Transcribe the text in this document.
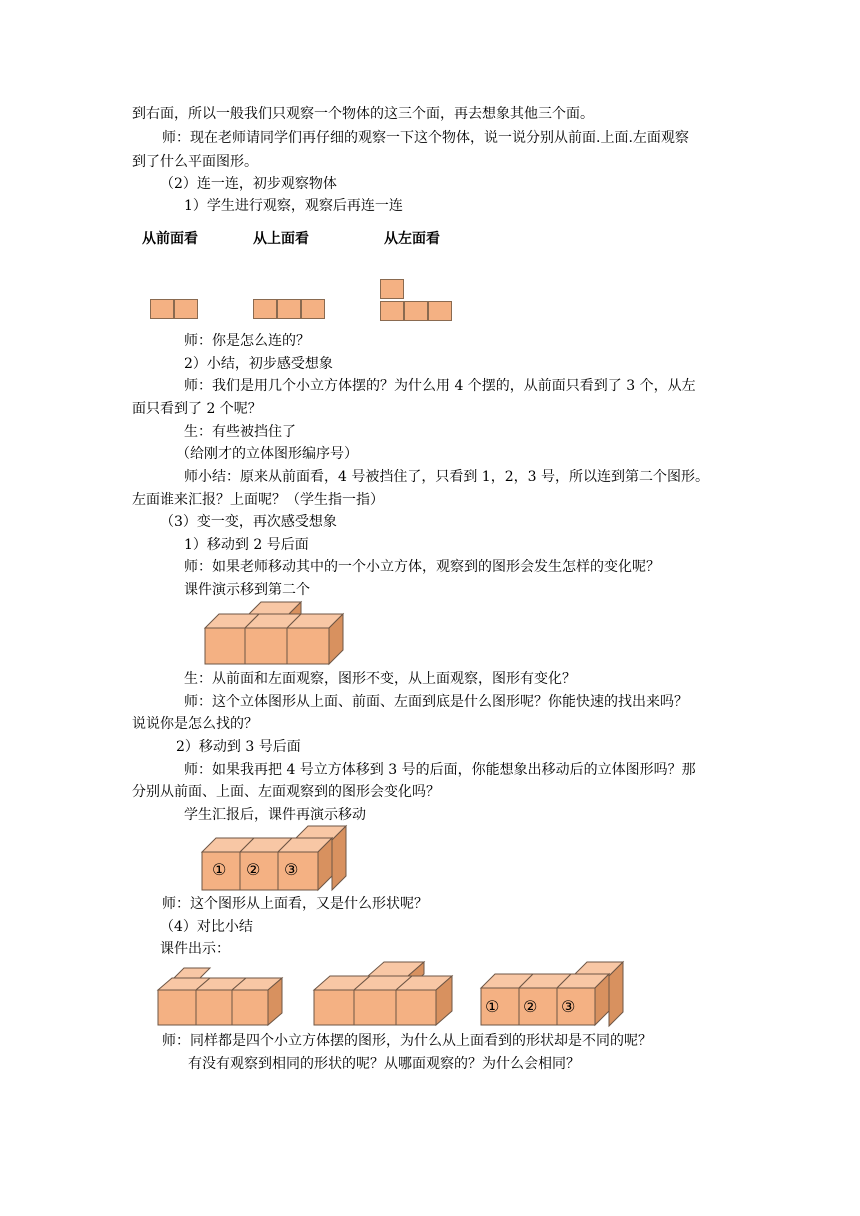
到右面，所以一般我们只观察一个物体的这三个面，再去想象其他三个面。
师：现在老师请同学们再仔细的观察一下这个物体，说一说分别从前面.上面.左面观察
到了什么平面图形。
（2）连一连，初步观察物体
1）学生进行观察，观察后再连一连
从前面看	从上面看	从左面看
师：你是怎么连的？
2）小结，初步感受想象
师：我们是用几个小立方体摆的？为什么用 4 个摆的，从前面只看到了 3 个，从左
面只看到了 2 个呢？
生：有些被挡住了
（给刚才的立体图形编序号）
师小结：原来从前面看，4 号被挡住了，只看到 1，2，3 号，所以连到第二个图形。
左面谁来汇报？上面呢？（学生指一指）
（3）变一变，再次感受想象
1）移动到 2 号后面
师：如果老师移动其中的一个小立方体，观察到的图形会发生怎样的变化呢？
课件演示移到第二个
生：从前面和左面观察，图形不变，从上面观察，图形有变化？
师：这个立体图形从上面、前面、左面到底是什么图形呢？你能快速的找出来吗？
说说你是怎么找的？
2）移动到 3 号后面
师：如果我再把 4 号立方体移到 3 号的后面，你能想象出移动后的立体图形吗？那
分别从前面、上面、左面观察到的图形会变化吗？
学生汇报后，课件再演示移动
① ② ③
师：这个图形从上面看，又是什么形状呢？
（4）对比小结
课件出示：
① ② ③
师：同样都是四个小立方体摆的图形，为什么从上面看到的形状却是不同的呢？
有没有观察到相同的形状的呢？从哪面观察的？为什么会相同？
